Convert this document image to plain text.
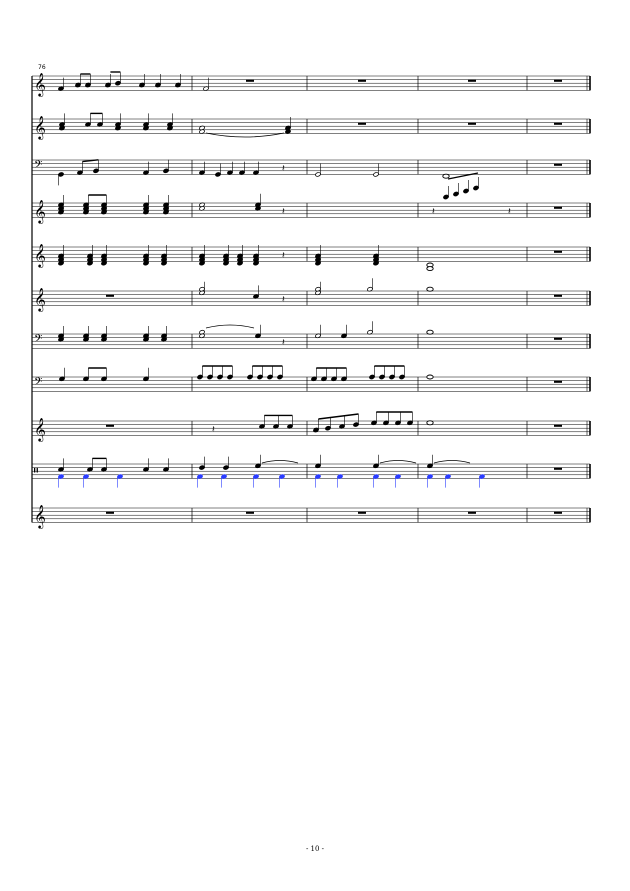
𝄞
𝄞
𝄢
𝄞
𝄞
𝄞
𝄢
𝄢
𝄞
𝄥
𝄞
𝄽
𝄽	𝄽	𝄽
𝄽
𝄽
𝄽
𝄽
76
- 10 -
